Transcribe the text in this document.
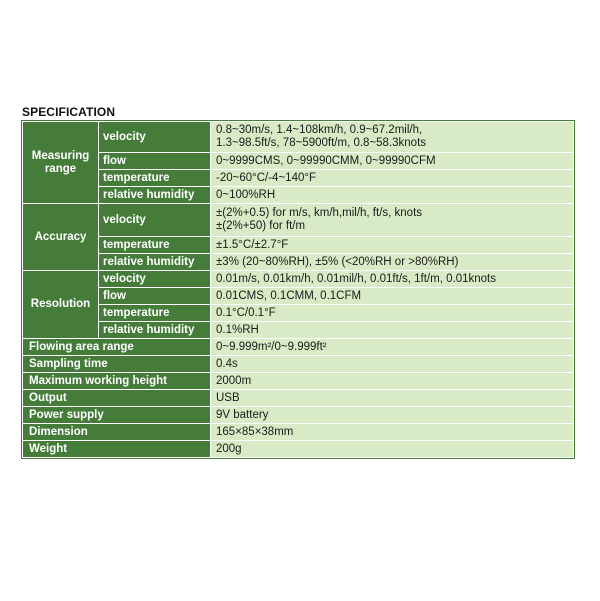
SPECIFICATION
Measuring range	velocity	0.8~30m/s, 1.4~108km/h, 0.9~67.2mil/h,
1.3~98.5ft/s, 78~5900ft/m, 0.8~58.3knots

	flow	0~9999CMS, 0~99990CMM, 0~99990CFM
	temperature	-20~60°C/-4~140°F
	relative humidity	0~100%RH
Accuracy	velocity	±(2%+0.5) for m/s, km/h,mil/h, ft/s, knots
±(2%+50) for ft/m

	temperature	±1.5°C/±2.7°F
	relative humidity	±3% (20~80%RH), ±5% (<20%RH or >80%RH)
Resolution	velocity	0.01m/s, 0.01km/h, 0.01mil/h, 0.01ft/s, 1ft/m, 0.01knots
	flow	0.01CMS, 0.1CMM, 0.1CFM
	temperature	0.1°C/0.1°F
	relative humidity	0.1%RH
Flowing area range		0~9.999m²/0~9.999ft²
Sampling time		0.4s
Maximum working height		2000m
Output		USB
Power supply		9V battery
Dimension		165×85×38mm
Weight		200g
